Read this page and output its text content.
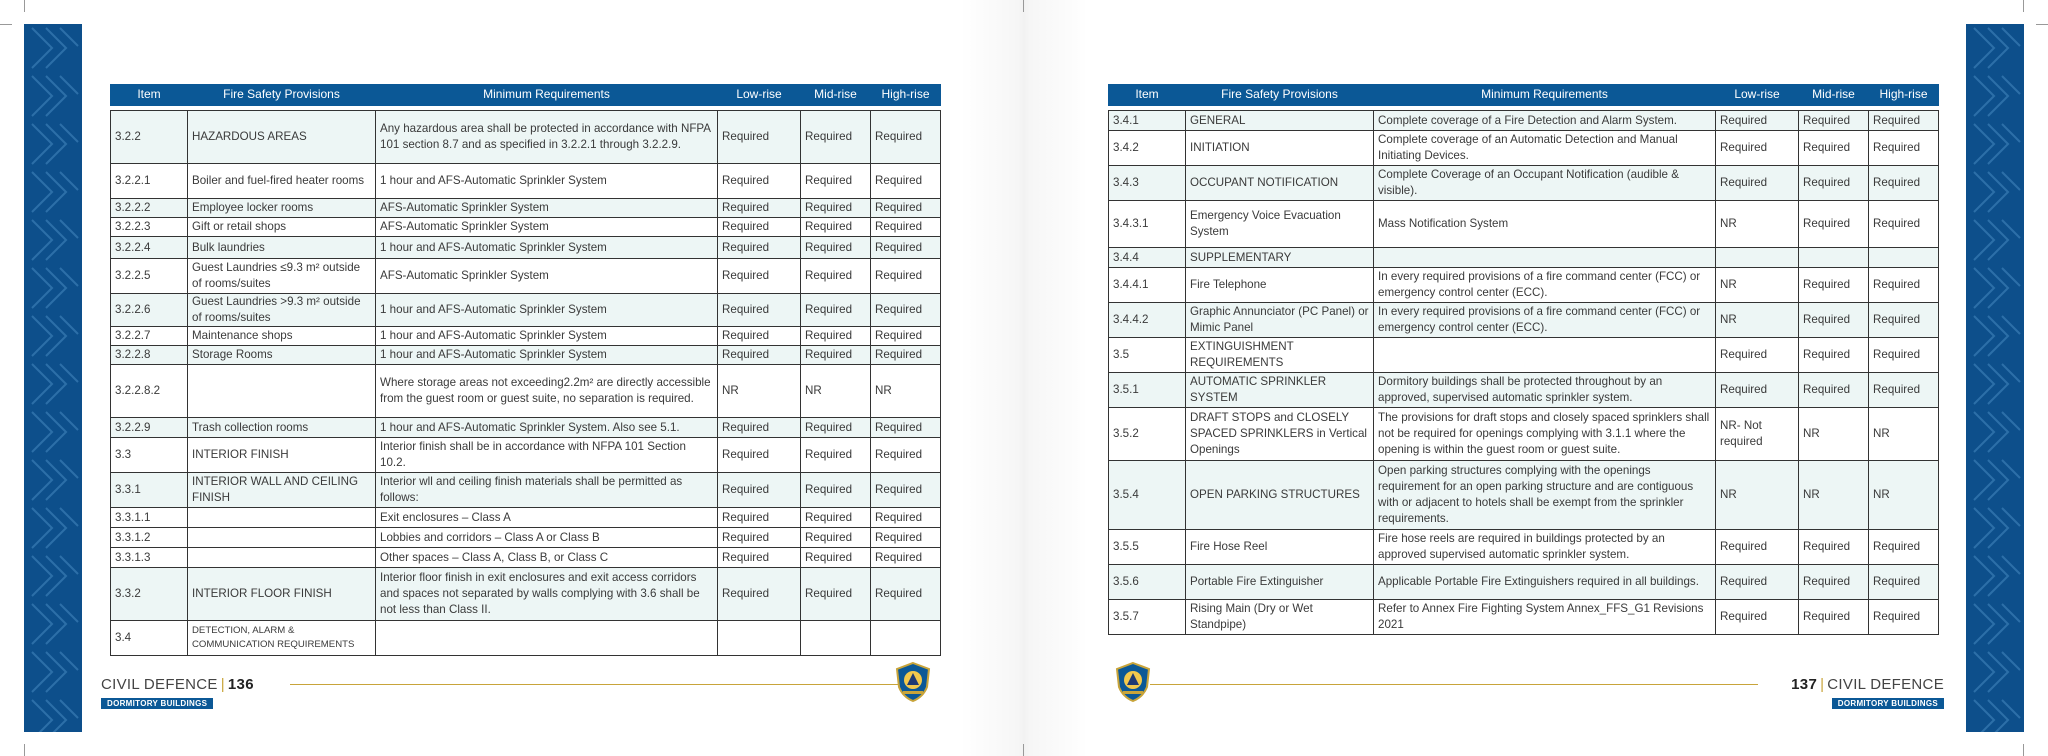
Item	Fire Safety Provisions	Minimum Requirements	Low-rise	Mid-rise	High-rise

3.2.2	HAZARDOUS AREAS	Any hazardous area shall be protected in accordance with NFPA 101 section 8.7 and as specified in 3.2.2.1 through 3.2.2.9.	Required	Required	Required
3.2.2.1	Boiler and fuel-fired heater rooms	1 hour and AFS-Automatic Sprinkler System	Required	Required	Required
3.2.2.2	Employee locker rooms	AFS-Automatic Sprinkler System	Required	Required	Required
3.2.2.3	Gift or retail shops	AFS-Automatic Sprinkler System	Required	Required	Required
3.2.2.4	Bulk laundries	1 hour and AFS-Automatic Sprinkler System	Required	Required	Required
3.2.2.5	Guest Laundries ≤9.3 m² outside of rooms/suites	AFS-Automatic Sprinkler System	Required	Required	Required
3.2.2.6	Guest Laundries >9.3 m² outside of rooms/suites	1 hour and AFS-Automatic Sprinkler System	Required	Required	Required
3.2.2.7	Maintenance shops	1 hour and AFS-Automatic Sprinkler System	Required	Required	Required
3.2.2.8	Storage Rooms	1 hour and AFS-Automatic Sprinkler System	Required	Required	Required
3.2.2.8.2		Where storage areas not exceeding2.2m² are directly accessible from the guest room or guest suite, no separation is required.	NR	NR	NR
3.2.2.9	Trash collection rooms	1 hour and AFS-Automatic Sprinkler System. Also see 5.1.	Required	Required	Required
3.3	INTERIOR FINISH	Interior finish shall be in accordance with NFPA 101 Section 10.2.	Required	Required	Required
3.3.1	INTERIOR WALL AND CEILING FINISH	Interior wll and ceiling finish materials shall be permitted as follows:	Required	Required	Required
3.3.1.1		Exit enclosures – Class A	Required	Required	Required
3.3.1.2		Lobbies and corridors – Class A or Class B	Required	Required	Required
3.3.1.3		Other spaces – Class A, Class B, or Class C	Required	Required	Required
3.3.2	INTERIOR FLOOR FINISH	Interior floor finish in exit enclosures and exit access corridors and spaces not separated by walls complying with 3.6 shall be not less than Class II.	Required	Required	Required
3.4	DETECTION, ALARM & COMMUNICATION REQUIREMENTS				
Item	Fire Safety Provisions	Minimum Requirements	Low-rise	Mid-rise	High-rise

3.4.1	GENERAL	Complete coverage of a Fire Detection and Alarm System.	Required	Required	Required
3.4.2	INITIATION	Complete coverage of an Automatic Detection and Manual Initiating Devices.	Required	Required	Required
3.4.3	OCCUPANT NOTIFICATION	Complete Coverage of an Occupant Notification (audible & visible).	Required	Required	Required
3.4.3.1	Emergency Voice Evacuation System	Mass Notification System	NR	Required	Required
3.4.4	SUPPLEMENTARY				
3.4.4.1	Fire Telephone	In every required provisions of a fire command center (FCC) or emergency control center (ECC).	NR	Required	Required
3.4.4.2	Graphic Annunciator (PC Panel) or Mimic Panel	In every required provisions of a fire command center (FCC) or emergency control center (ECC).	NR	Required	Required
3.5	EXTINGUISHMENT REQUIREMENTS		Required	Required	Required
3.5.1	AUTOMATIC SPRINKLER SYSTEM	Dormitory buildings shall be protected throughout by an approved, supervised automatic sprinkler system.	Required	Required	Required
3.5.2	DRAFT STOPS and CLOSELY SPACED SPRINKLERS in Vertical Openings	The provisions for draft stops and closely spaced sprinklers shall not be required for openings complying with 3.1.1 where the opening is within the guest room or guest suite.	NR- Not required	NR	NR
3.5.4	OPEN PARKING STRUCTURES	Open parking structures complying with the openings requirement for an open parking structure and are contiguous with or adjacent to hotels shall be exempt from the sprinkler requirements.	NR	NR	NR
3.5.5	Fire Hose Reel	Fire hose reels are required in buildings protected by an approved supervised automatic sprinkler system.	Required	Required	Required
3.5.6	Portable Fire Extinguisher	Applicable Portable Fire Extinguishers required in all buildings.	Required	Required	Required
3.5.7	Rising Main (Dry or Wet Standpipe)	Refer to Annex Fire Fighting System Annex_FFS_G1 Revisions 2021	Required	Required	Required
CIVIL DEFENCE | 136
DORMITORY BUILDINGS
137 | CIVIL DEFENCE
DORMITORY BUILDINGS
